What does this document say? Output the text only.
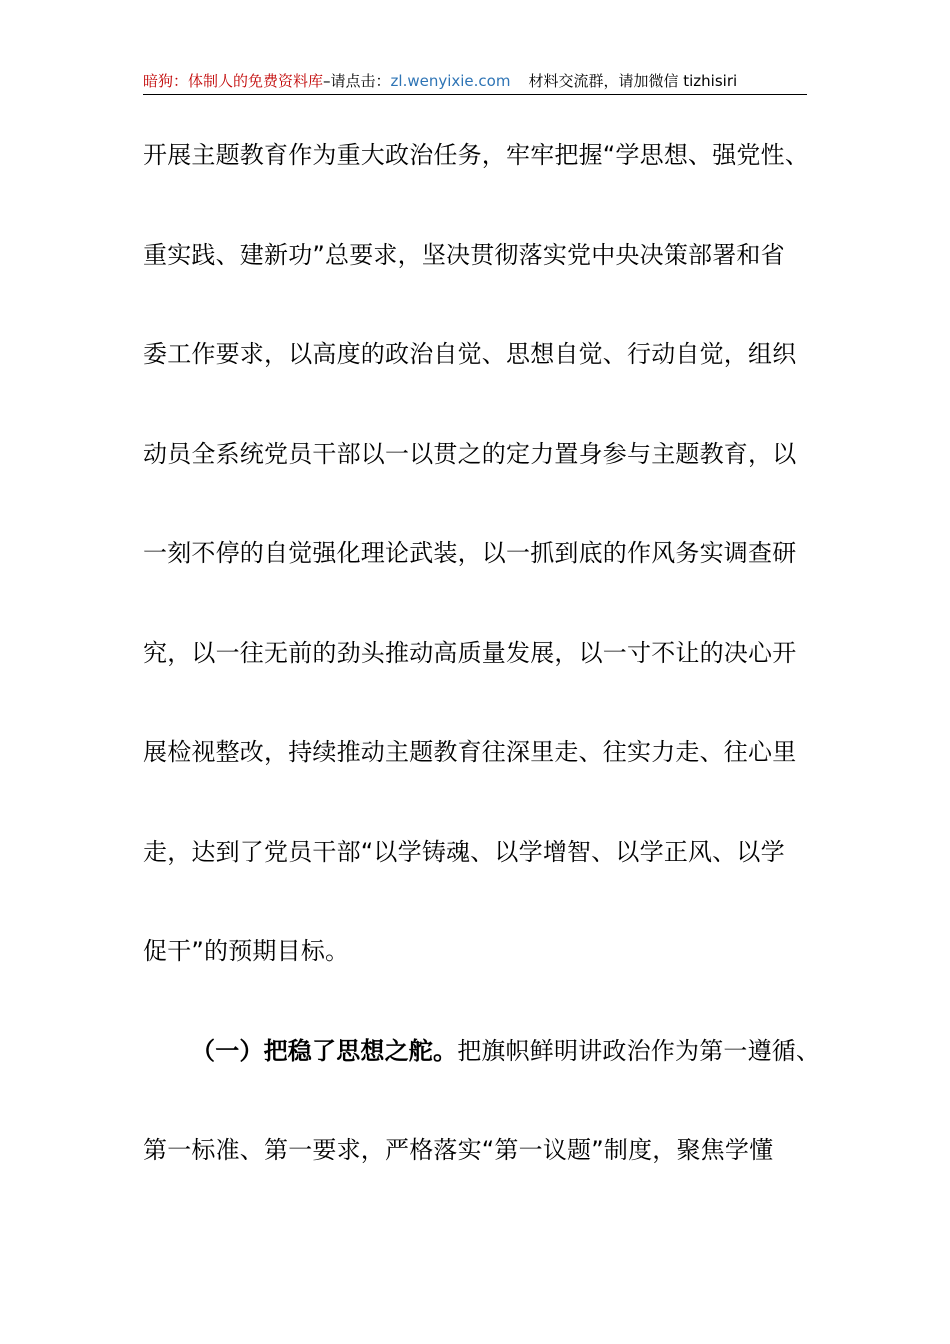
暗狗：体制人的免费资料库–请点击：zl.wenyixie.com 材料交流群，请加微信 tizhisiri
开展主题教育作为重大政治任务，牢牢把握“学思想、强党性、
重实践、建新功”总要求，坚决贯彻落实党中央决策部署和省
委工作要求，以高度的政治自觉、思想自觉、行动自觉，组织
动员全系统党员干部以一以贯之的定力置身参与主题教育，以
一刻不停的自觉强化理论武装，以一抓到底的作风务实调查研
究，以一往无前的劲头推动高质量发展，以一寸不让的决心开
展检视整改，持续推动主题教育往深里走、往实力走、往心里
走，达到了党员干部“以学铸魂、以学增智、以学正风、以学
促干”的预期目标。
（一）把稳了思想之舵。把旗帜鲜明讲政治作为第一遵循、
第一标准、第一要求，严格落实“第一议题”制度，聚焦学懂
